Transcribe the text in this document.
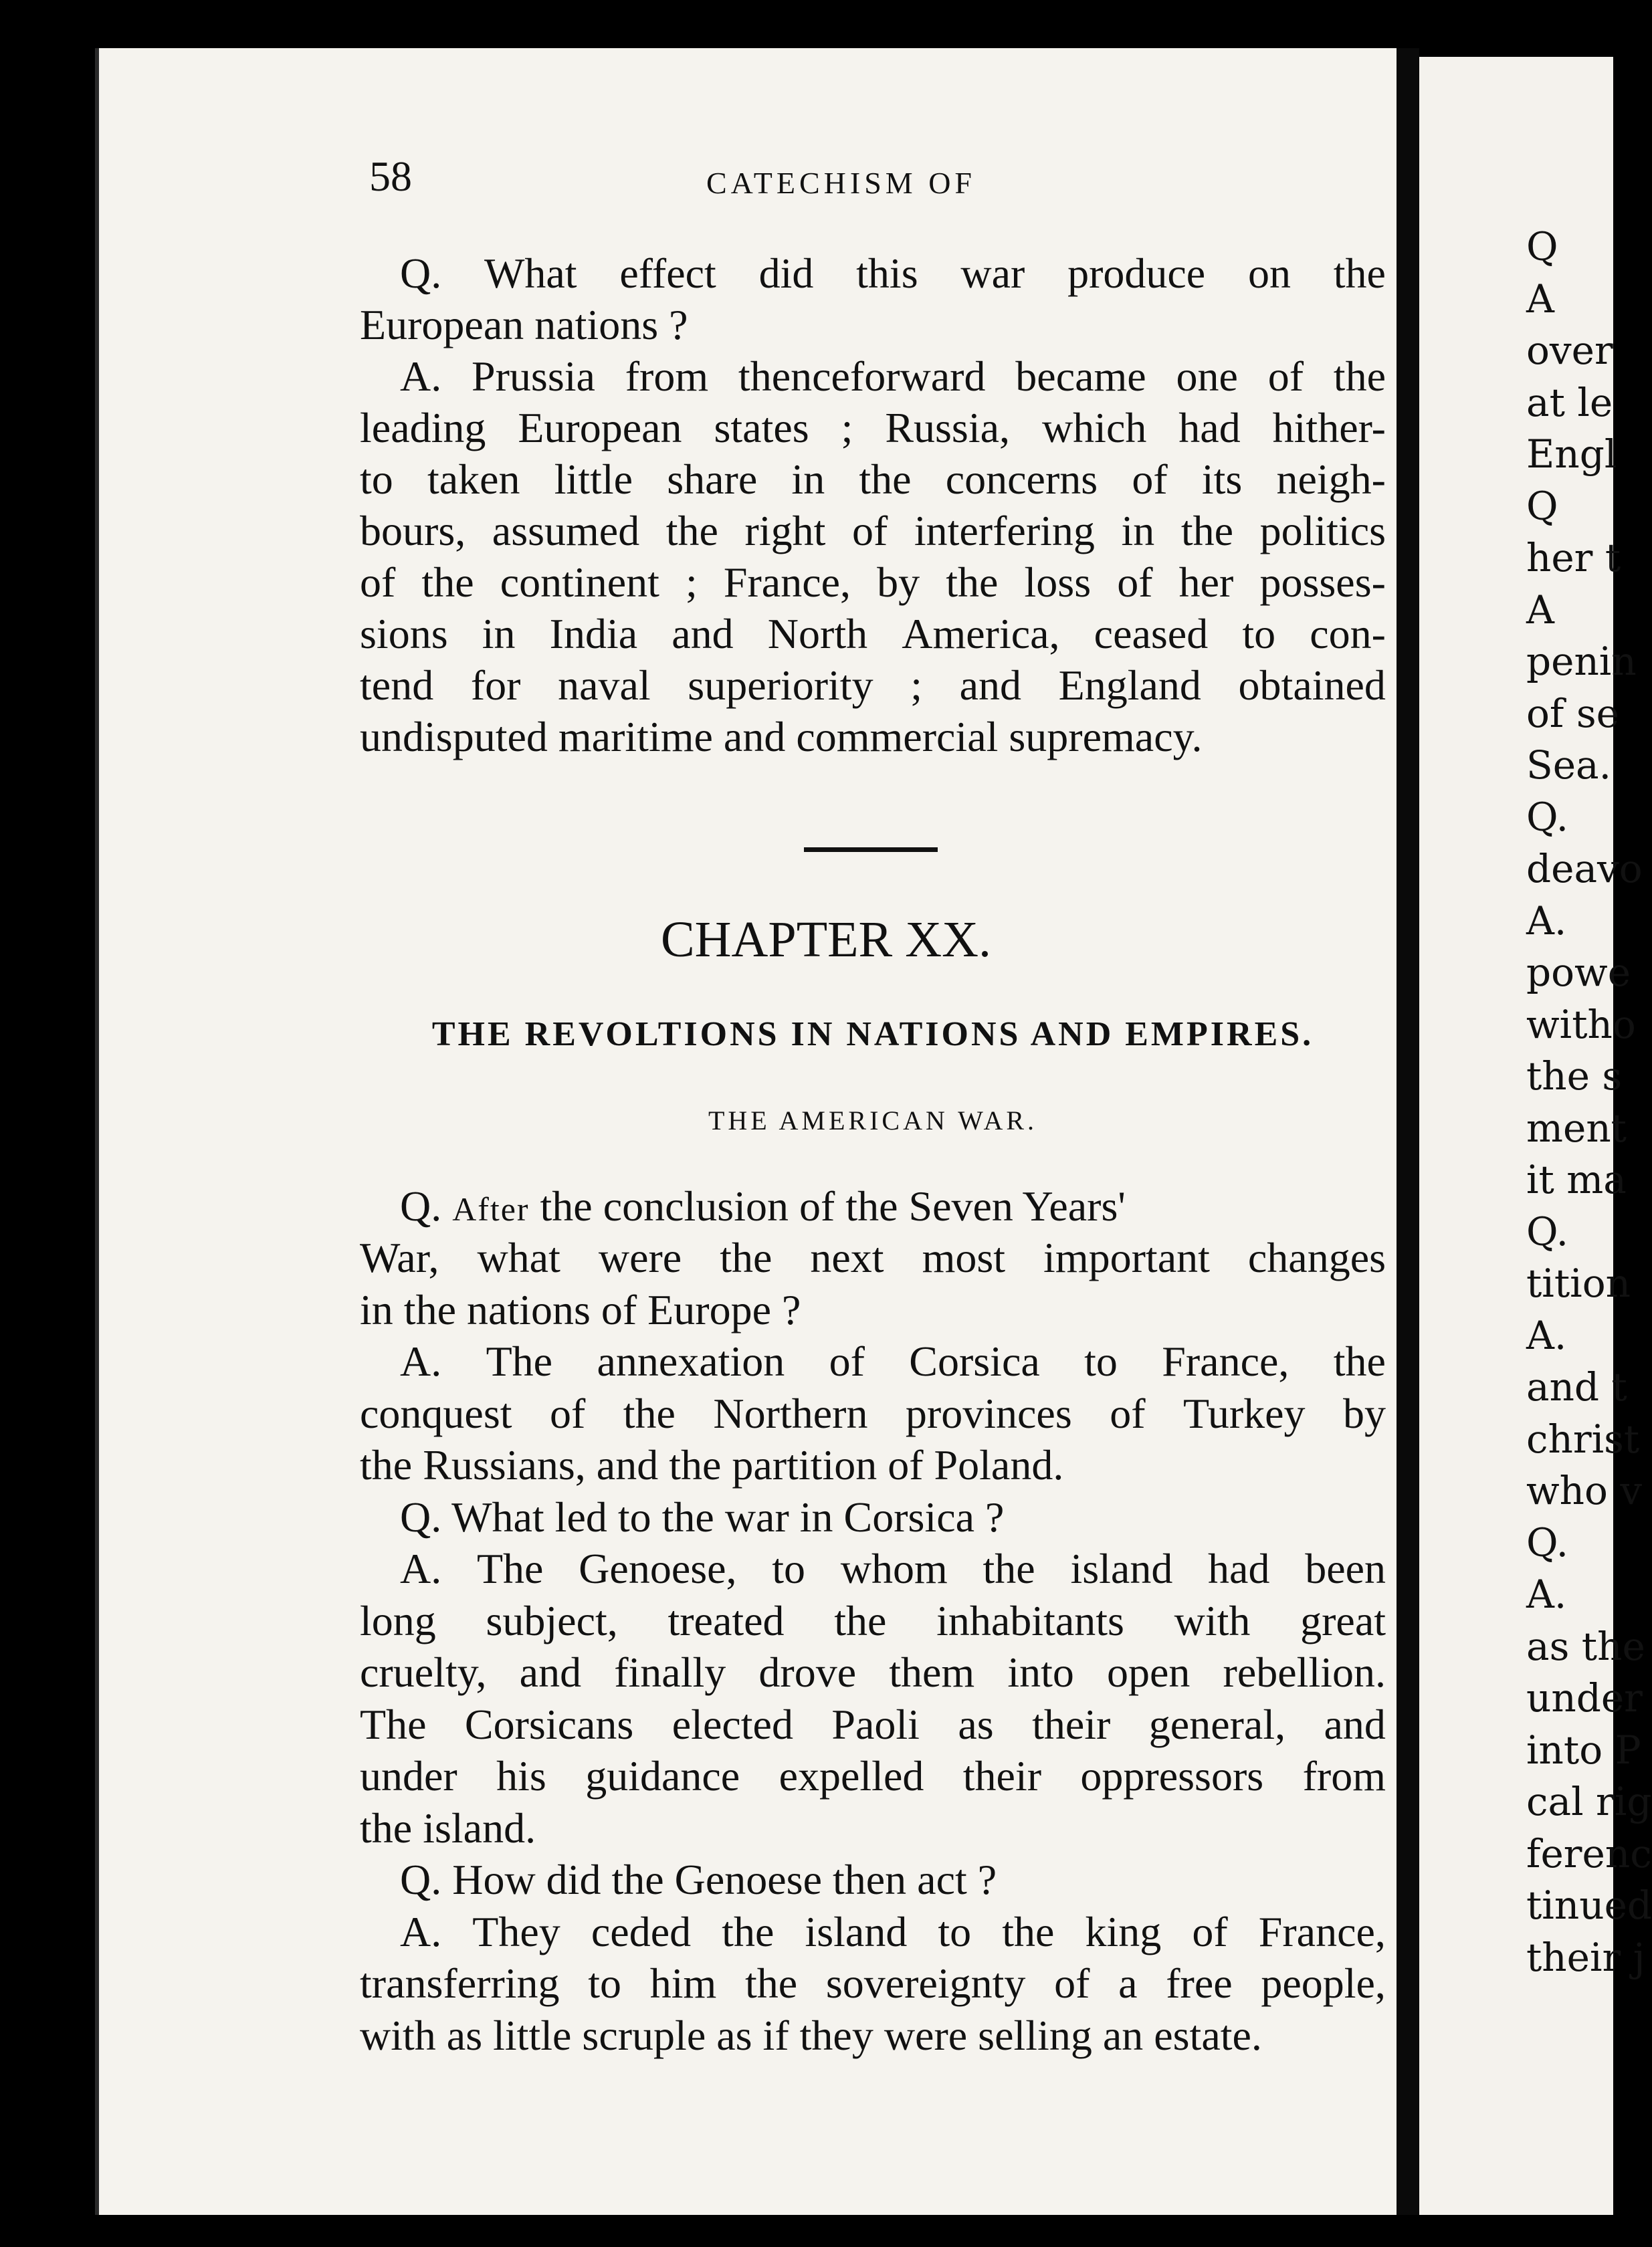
58	CATECHISM OF
Q. What effect did this war produce on the
European nations ?
A. Prussia from thenceforward became one of the
leading European states ; Russia, which had hither-
to taken little share in the concerns of its neigh-
bours, assumed the right of interfering in the politics
of the continent ; France, by the loss of her posses-
sions in India and North America, ceased to con-
tend for naval superiority ; and England obtained
undisputed maritime and commercial supremacy.
CHAPTER XX.
THE REVOLTIONS IN NATIONS AND EMPIRES.
THE AMERICAN WAR.
Q. After the conclusion of the Seven Years'
War, what were the next most important changes
in the nations of Europe ?
A. The annexation of Corsica to France, the
conquest of the Northern provinces of Turkey by
the Russians, and the partition of Poland.
Q. What led to the war in Corsica ?
A. The Genoese, to whom the island had been
long subject, treated the inhabitants with great
cruelty, and finally drove them into open rebellion.
The Corsicans elected Paoli as their general, and
under his guidance expelled their oppressors from
the island.
Q. How did the Genoese then act ?
A. They ceded the island to the king of France,
transferring to him the sovereignty of a free people,
with as little scruple as if they were selling an estate.
Q
A
over
at le
Engl
Q
her t
A
penin
of se
Sea.
Q.
deavo
A.
powe
witho
the s
ment
it ma
Q.
tition
A.
and t
christ
who v
Q.
A.
as the
under
into P
cal rig
ferenc
tinued
their j
